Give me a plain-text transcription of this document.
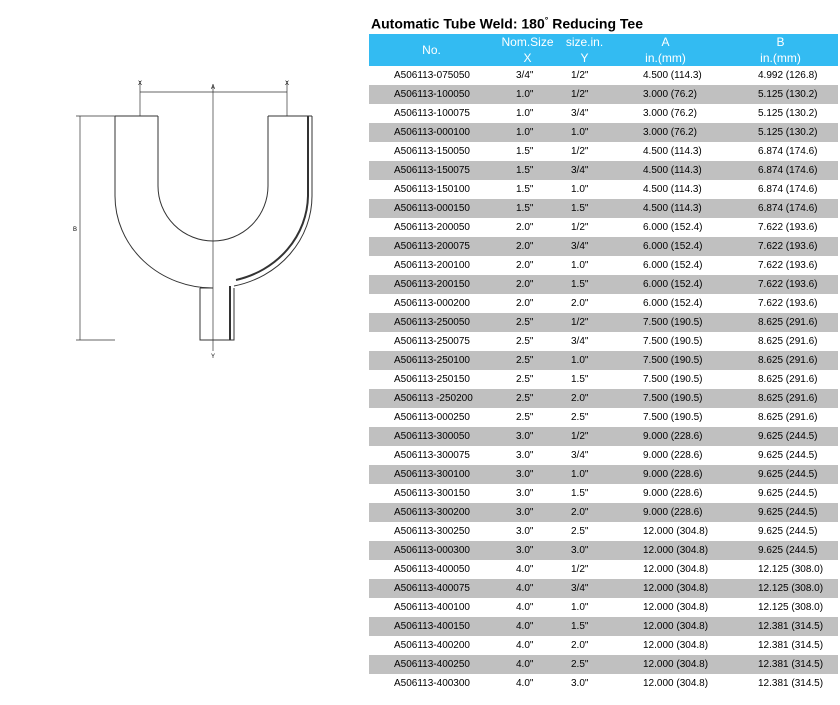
X	X
A
B
Y
Automatic Tube Weld: 180° Reducing Tee
No.	Nom.Size	size.in.	A	B
	X	Y	in.(mm)	in.(mm)
A506113-075050	3/4"	1/2"	4.500 (114.3)	4.992 (126.8)
A506113-100050	1.0"	1/2"	3.000 (76.2)	5.125 (130.2)
A506113-100075	1.0"	3/4"	3.000 (76.2)	5.125 (130.2)
A506113-000100	1.0"	1.0"	3.000 (76.2)	5.125 (130.2)
A506113-150050	1.5"	1/2"	4.500 (114.3)	6.874 (174.6)
A506113-150075	1.5"	3/4"	4.500 (114.3)	6.874 (174.6)
A506113-150100	1.5"	1.0"	4.500 (114.3)	6.874 (174.6)
A506113-000150	1.5"	1.5"	4.500 (114.3)	6.874 (174.6)
A506113-200050	2.0"	1/2"	6.000 (152.4)	7.622 (193.6)
A506113-200075	2.0"	3/4"	6.000 (152.4)	7.622 (193.6)
A506113-200100	2.0"	1.0"	6.000 (152.4)	7.622 (193.6)
A506113-200150	2.0"	1.5"	6.000 (152.4)	7.622 (193.6)
A506113-000200	2.0"	2.0"	6.000 (152.4)	7.622 (193.6)
A506113-250050	2.5"	1/2"	7.500 (190.5)	8.625 (291.6)
A506113-250075	2.5"	3/4"	7.500 (190.5)	8.625 (291.6)
A506113-250100	2.5"	1.0"	7.500 (190.5)	8.625 (291.6)
A506113-250150	2.5"	1.5"	7.500 (190.5)	8.625 (291.6)
A506113 -250200	2.5"	2.0"	7.500 (190.5)	8.625 (291.6)
A506113-000250	2.5"	2.5"	7.500 (190.5)	8.625 (291.6)
A506113-300050	3.0"	1/2"	9.000 (228.6)	9.625 (244.5)
A506113-300075	3.0"	3/4"	9.000 (228.6)	9.625 (244.5)
A506113-300100	3.0"	1.0"	9.000 (228.6)	9.625 (244.5)
A506113-300150	3.0"	1.5"	9.000 (228.6)	9.625 (244.5)
A506113-300200	3.0"	2.0"	9.000 (228.6)	9.625 (244.5)
A506113-300250	3.0"	2.5"	12.000 (304.8)	9.625 (244.5)
A506113-000300	3.0"	3.0"	12.000 (304.8)	9.625 (244.5)
A506113-400050	4.0"	1/2"	12.000 (304.8)	12.125 (308.0)
A506113-400075	4.0"	3/4"	12.000 (304.8)	12.125 (308.0)
A506113-400100	4.0"	1.0"	12.000 (304.8)	12.125 (308.0)
A506113-400150	4.0"	1.5"	12.000 (304.8)	12.381 (314.5)
A506113-400200	4.0"	2.0"	12.000 (304.8)	12.381 (314.5)
A506113-400250	4.0"	2.5"	12.000 (304.8)	12.381 (314.5)
A506113-400300	4.0"	3.0"	12.000 (304.8)	12.381 (314.5)
